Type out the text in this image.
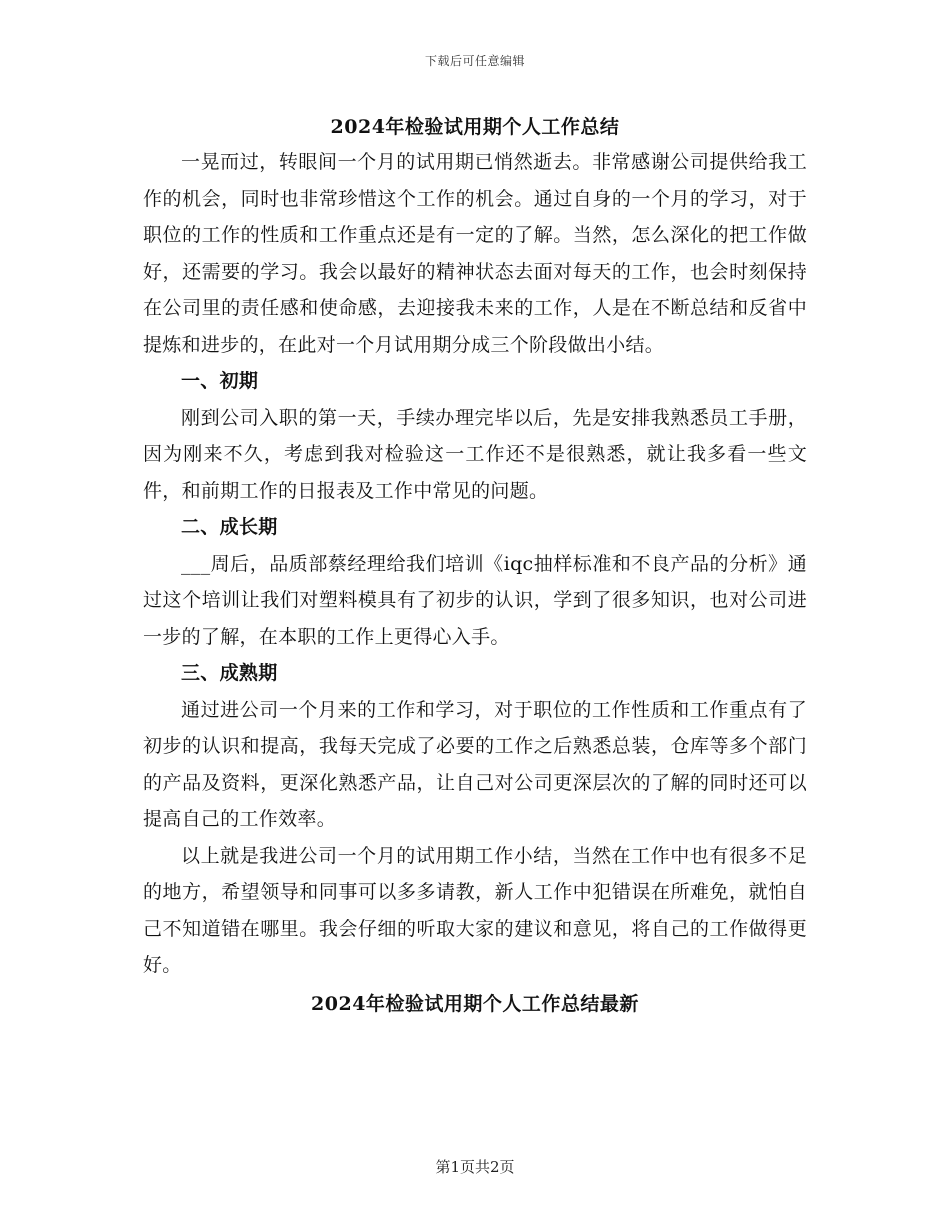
下载后可任意编辑
2024年检验试用期个人工作总结

一晃而过，转眼间一个月的试用期已悄然逝去。非常感谢公司提供给我工作的机会，同时也非常珍惜这个工作的机会。通过自身的一个月的学习，对于职位的工作的性质和工作重点还是有一定的了解。当然，怎么深化的把工作做好，还需要的学习。我会以最好的精神状态去面对每天的工作，也会时刻保持在公司里的责任感和使命感，去迎接我未来的工作，人是在不断总结和反省中提炼和进步的，在此对一个月试用期分成三个阶段做出小结。

一、初期

刚到公司入职的第一天，手续办理完毕以后，先是安排我熟悉员工手册，因为刚来不久，考虑到我对检验这一工作还不是很熟悉，就让我多看一些文件，和前期工作的日报表及工作中常见的问题。

二、成长期

___周后，品质部蔡经理给我们培训《iqc抽样标准和不良产品的分析》通过这个培训让我们对塑料模具有了初步的认识，学到了很多知识，也对公司进一步的了解，在本职的工作上更得心入手。

三、成熟期

通过进公司一个月来的工作和学习，对于职位的工作性质和工作重点有了初步的认识和提高，我每天完成了必要的工作之后熟悉总装，仓库等多个部门的产品及资料，更深化熟悉产品，让自己对公司更深层次的了解的同时还可以提高自己的工作效率。

以上就是我进公司一个月的试用期工作小结，当然在工作中也有很多不足的地方，希望领导和同事可以多多请教，新人工作中犯错误在所难免，就怕自己不知道错在哪里。我会仔细的听取大家的建议和意见，将自己的工作做得更好。

2024年检验试用期个人工作总结最新
第1页共2页
